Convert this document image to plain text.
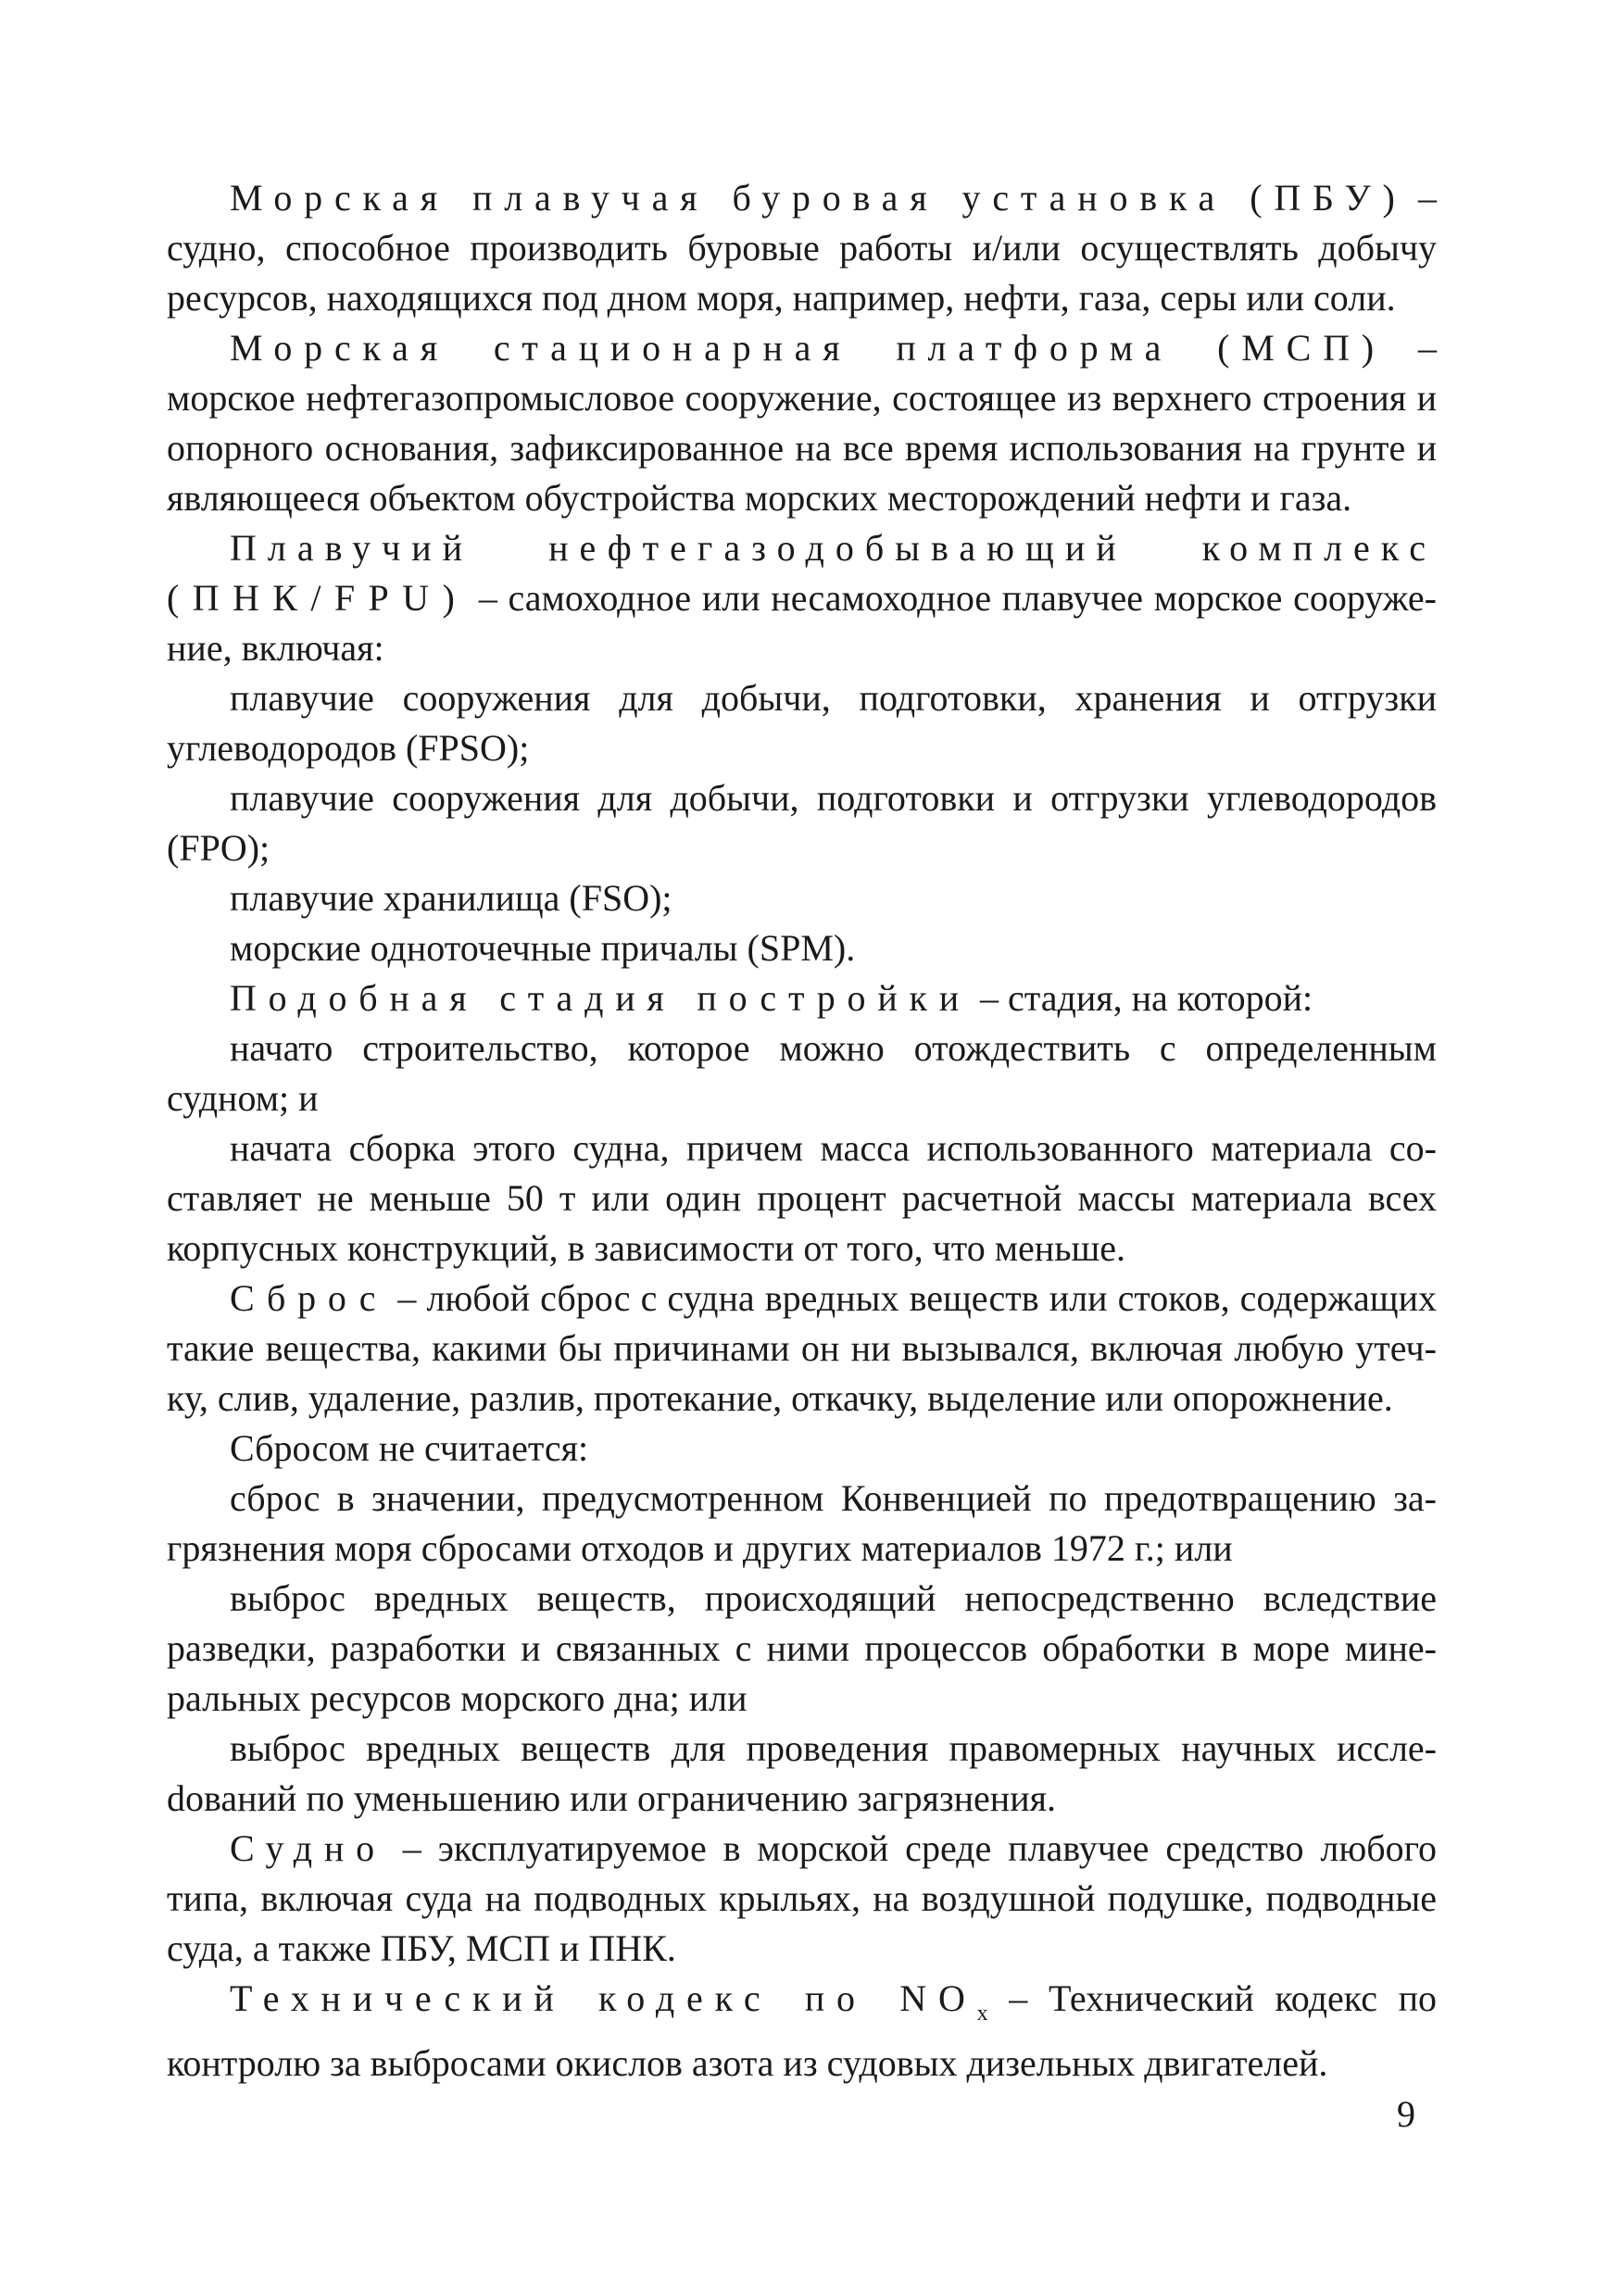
Морская плавучая буровая установка (ПБУ) – судно, способное производить буровые работы и/или осуществлять добычу ресурсов, находящихся под дном моря, например, нефти, газа, серы или соли.

Морская стационарная платформа (МСП) – морское нефтегазопромысловое сооружение, состоящее из верхнего строения и опорного основания, зафиксированное на все время использования на грунте и являющееся объектом обустройства морских месторождений нефти и газа.

Плавучий нефтегазодобывающий комплекс
(ПНК/FPU) – самоходное или несамоходное плавучее морское сооружение, включая:

плавучие сооружения для добычи, подготовки, хранения и отгрузки углеводородов (FPSO);

плавучие сооружения для добычи, подготовки и отгрузки углеводородов (FPO);

плавучие хранилища (FSO);

морские одноточечные причалы (SPM).

Подобная стадия постройки – стадия, на которой:

начато строительство, которое можно отождествить с определенным судном; и

начата сборка этого судна, причем масса использованного материала составляет не меньше 50 т или один процент расчетной массы материала всех корпусных конструкций, в зависимости от того, что меньше.

Сброс – любой сброс с судна вредных веществ или стоков, содержащих такие вещества, какими бы причинами он ни вызывался, включая любую утечку, слив, удаление, разлив, протекание, откачку, выделение или опорожнение.

Сбросом не считается:

сброс в значении, предусмотренном Конвенцией по предотвращению загрязнения моря сбросами отходов и других материалов 1972 г.; или

выброс вредных веществ, происходящий непосредственно вследствие разведки, разработки и связанных с ними процессов обработки в море минеральных ресурсов морского дна; или

выброс вредных веществ для проведения правомерных научных исслеdований по уменьшению или ограничению загрязнения.

Судно – эксплуатируемое в морской среде плавучее средство любого типа, включая суда на подводных крыльях, на воздушной подушке, подводные суда, а также ПБУ, МСП и ПНК.

Технический кодекс по $NO_x$ – Технический кодекс по контролю за выбросами окислов азота из судовых дизельных двигателей.

9
